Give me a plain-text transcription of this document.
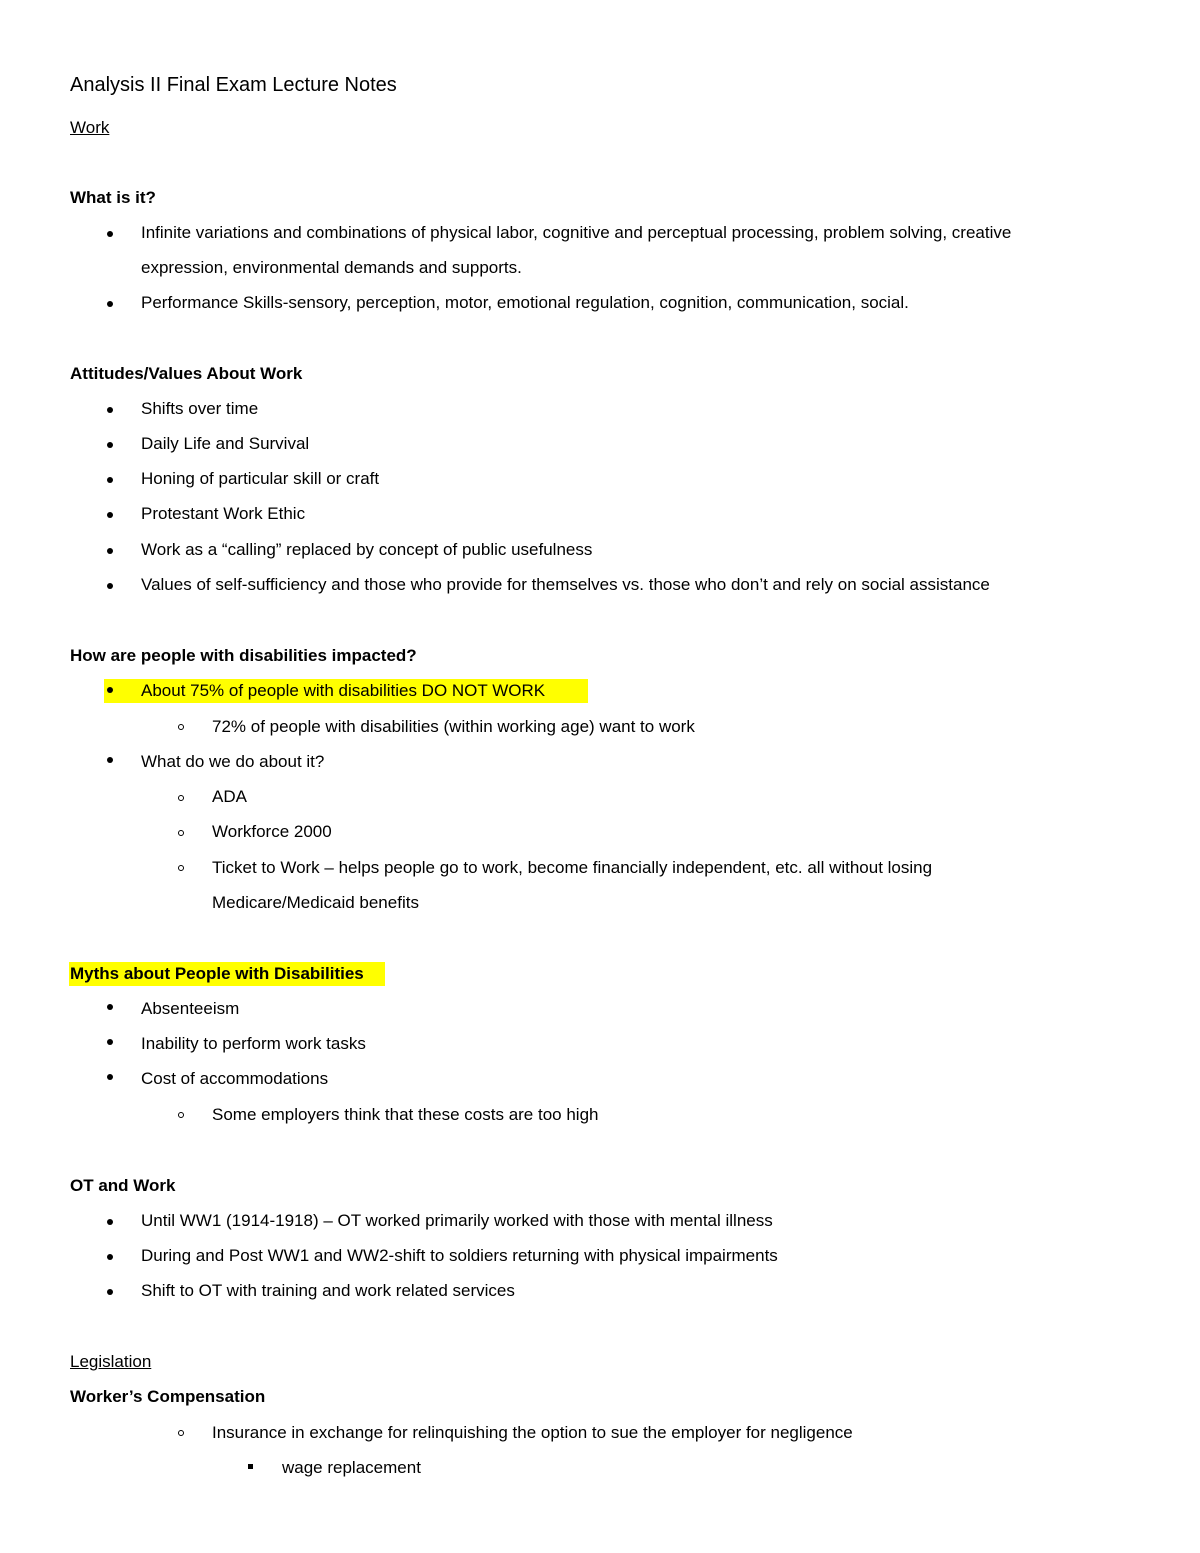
Analysis II Final Exam Lecture Notes
Work
What is it?
Infinite variations and combinations of physical labor, cognitive and perceptual processing, problem solving, creative
expression, environmental demands and supports.
Performance Skills-sensory, perception, motor, emotional regulation, cognition, communication, social.
Attitudes/Values About Work
Shifts over time
Daily Life and Survival
Honing of particular skill or craft
Protestant Work Ethic
Work as a “calling” replaced by concept of public usefulness
Values of self-sufficiency and those who provide for themselves vs. those who don’t and rely on social assistance
How are people with disabilities impacted?
About 75% of people with disabilities DO NOT WORK
72% of people with disabilities (within working age) want to work
What do we do about it?
ADA
Workforce 2000
Ticket to Work – helps people go to work, become financially independent, etc. all without losing
Medicare/Medicaid benefits
Myths about People with Disabilities
Absenteeism
Inability to perform work tasks
Cost of accommodations
Some employers think that these costs are too high
OT and Work
Until WW1 (1914-1918) – OT worked primarily worked with those with mental illness
During and Post WW1 and WW2-shift to soldiers returning with physical impairments
Shift to OT with training and work related services
Legislation
Worker’s Compensation
Insurance in exchange for relinquishing the option to sue the employer for negligence
wage replacement
